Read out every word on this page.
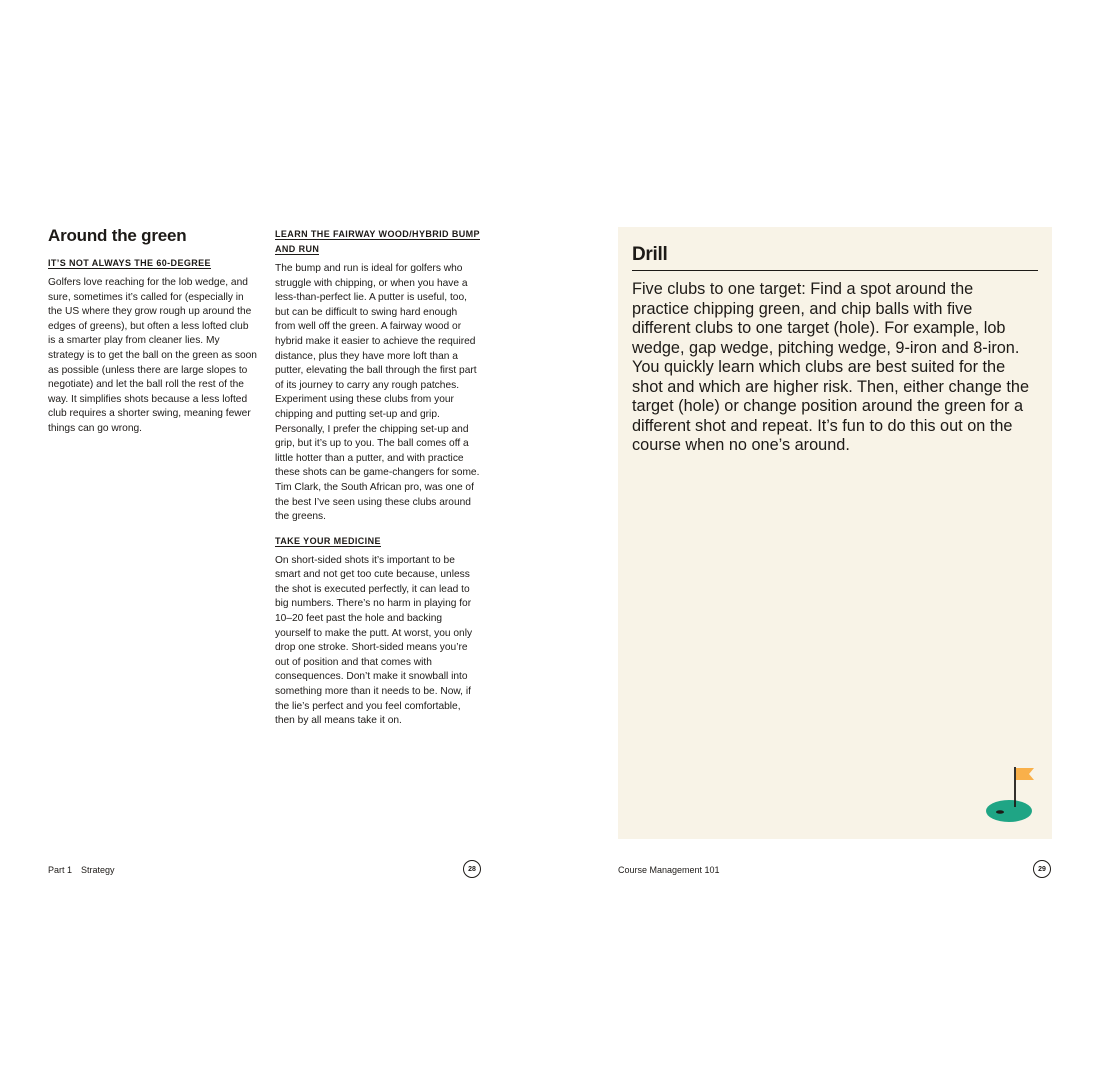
Around the green
IT’S NOT ALWAYS THE 60-DEGREE

Golfers love reaching for the lob wedge, and sure, sometimes it’s called for (especially in the US where they grow rough up around the edges of greens), but often a less lofted club is a smarter play from cleaner lies. My strategy is to get the ball on the green as soon as possible (unless there are large slopes to negotiate) and let the ball roll the rest of the way. It simplifies shots because a less lofted club requires a shorter swing, meaning fewer things can go wrong.

LEARN THE FAIRWAY WOOD/HYBRID BUMP AND RUN

The bump and run is ideal for golfers who struggle with chipping, or when you have a less-than-perfect lie. A putter is useful, too, but can be difficult to swing hard enough from well off the green. A fairway wood or hybrid make it easier to achieve the required distance, plus they have more loft than a putter, elevating the ball through the first part of its journey to carry any rough patches. Experiment using these clubs from your chipping and putting set-up and grip. Personally, I prefer the chipping set-up and grip, but it’s up to you. The ball comes off a little hotter than a putter, and with practice these shots can be game-changers for some. Tim Clark, the South African pro, was one of the best I’ve seen using these clubs around the greens.

TAKE YOUR MEDICINE

On short-sided shots it’s important to be smart and not get too cute because, unless the shot is executed perfectly, it can lead to big numbers. There’s no harm in playing for 10–20 feet past the hole and backing yourself to make the putt. At worst, you only drop one stroke. Short-sided means you’re out of position and that comes with consequences. Don’t make it snowball into something more than it needs to be. Now, if the lie’s perfect and you feel comfortable, then by all means take it on.

Part 1 Strategy	28
Drill

Five clubs to one target: Find a spot around the practice chipping green, and chip balls with five different clubs to one target (hole). For example, lob wedge, gap wedge, pitching wedge, 9-iron and 8-iron. You quickly learn which clubs are best suited for the shot and which are higher risk. Then, either change the target (hole) or change position around the green for a different shot and repeat. It’s fun to do this out on the course when no one’s around.

Course Management 101	29
